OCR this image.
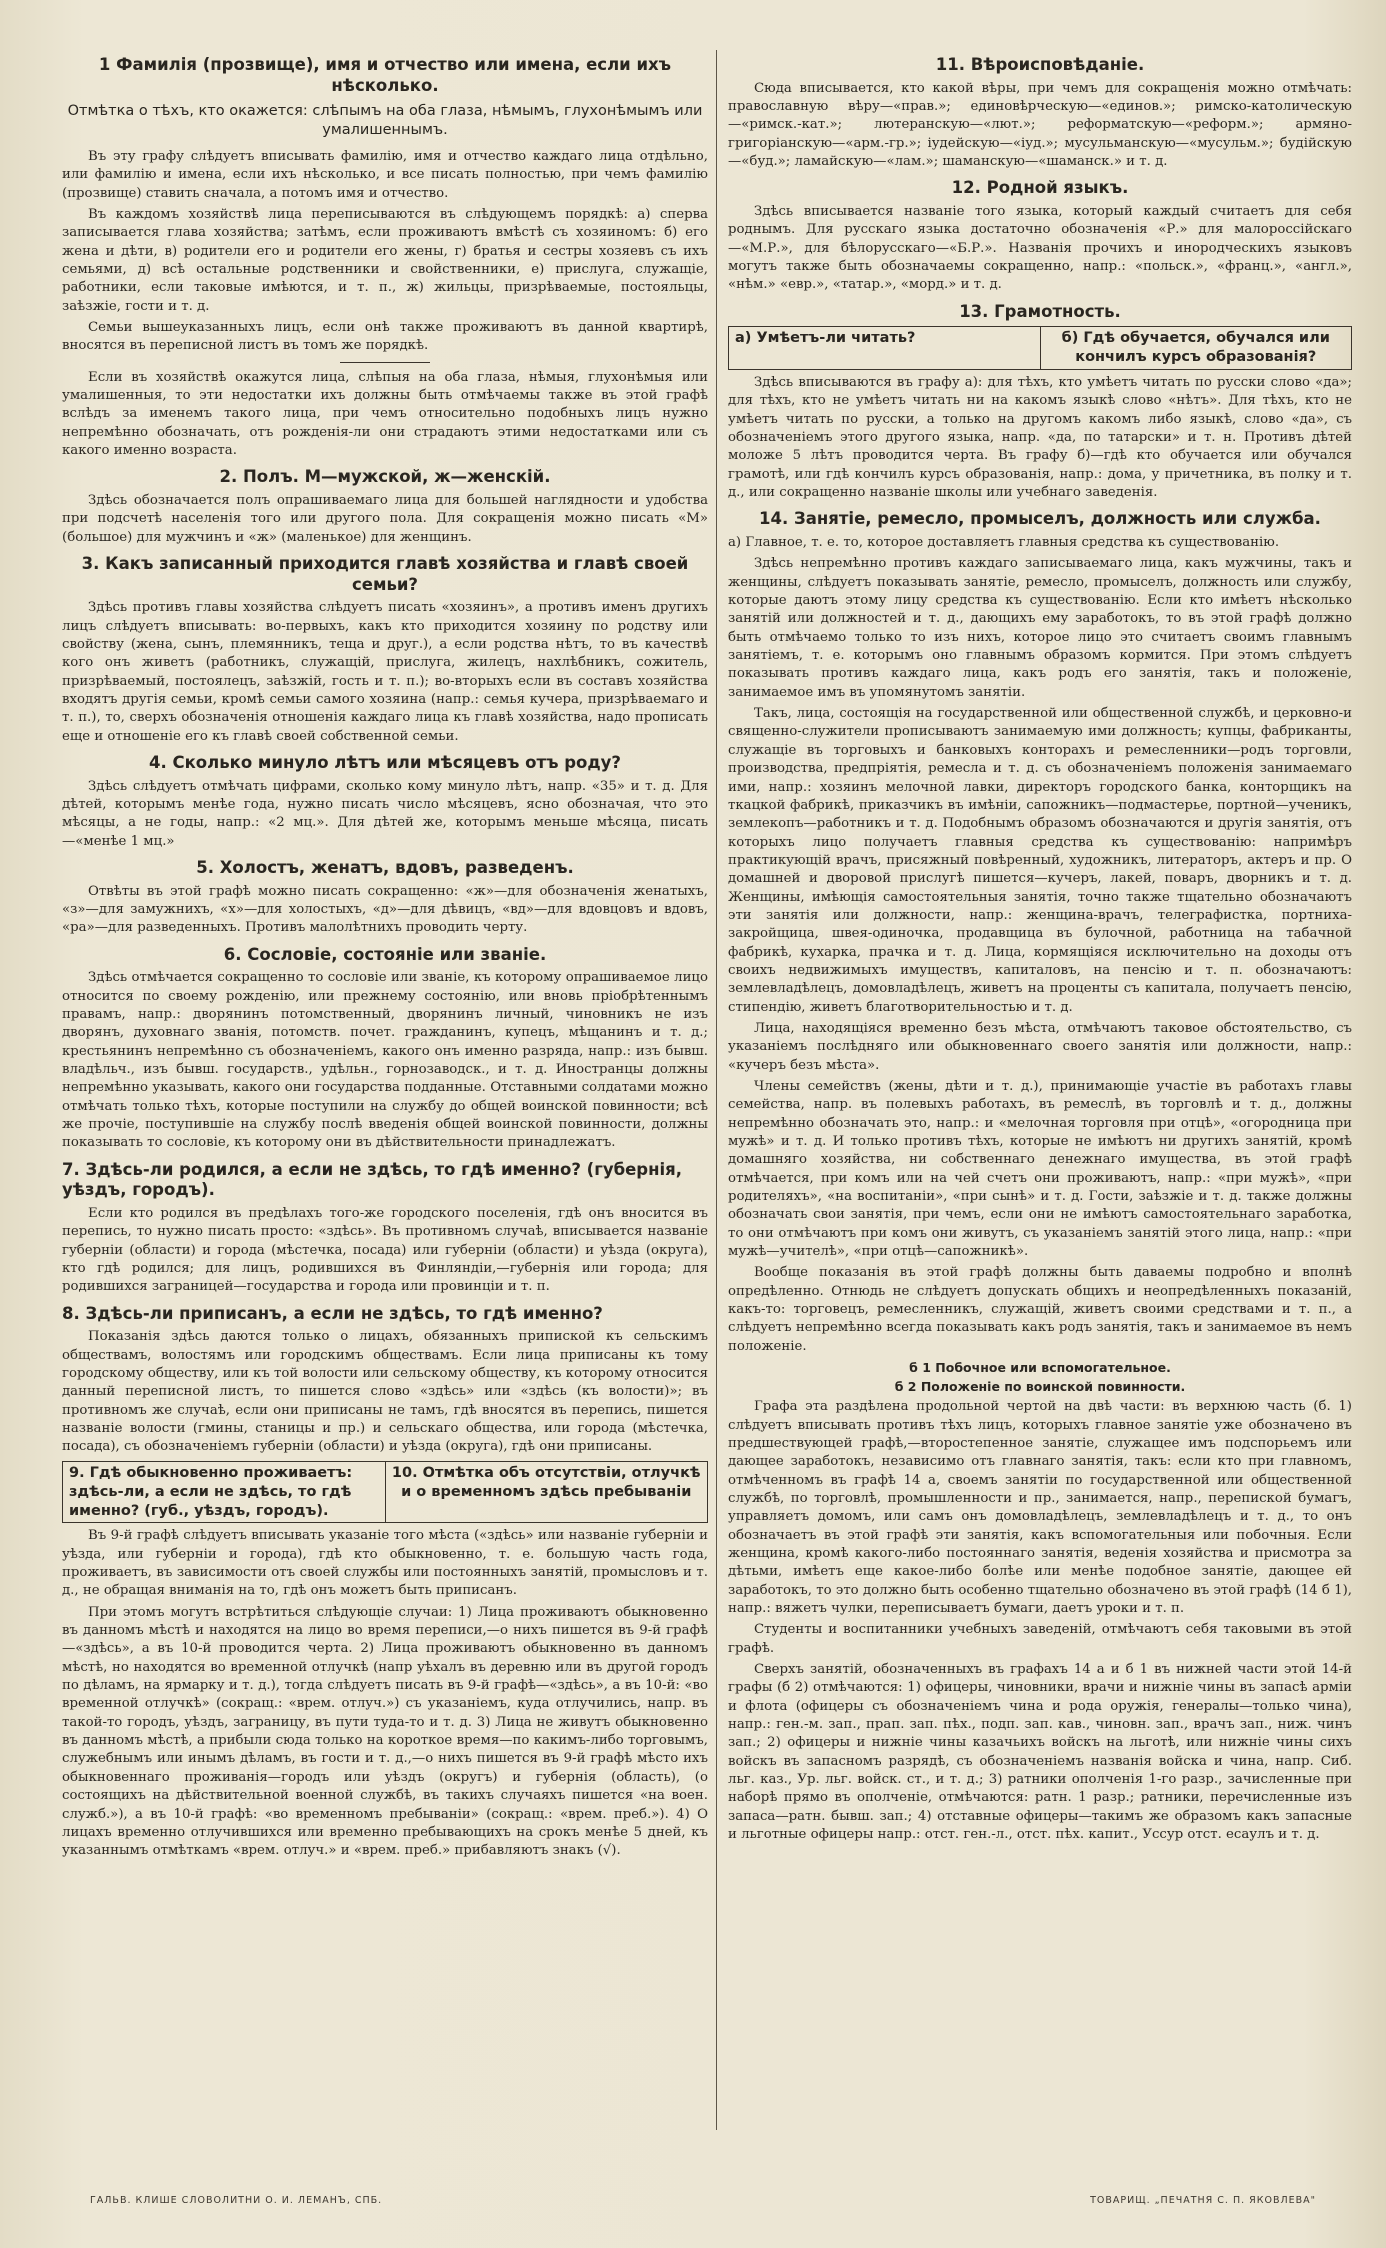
1 Фамилія (прозвище), имя и отчество или имена, если ихъ нѣсколько.
Отмѣтка о тѣхъ, кто окажется: слѣпымъ на оба глаза, нѣмымъ, глухонѣмымъ или умалишеннымъ.

Въ эту графу слѣдуетъ вписывать фамилію, имя и отчество каждаго лица отдѣльно, или фамилію и имена, если ихъ нѣсколько, и все писать полностью, при чемъ фамилію (прозвище) ставить сначала, а потомъ имя и отчество.

Въ каждомъ хозяйствѣ лица переписываются въ слѣдующемъ порядкѣ: а) сперва записывается глава хозяйства; затѣмъ, если проживаютъ вмѣстѣ съ хозяиномъ: б) его жена и дѣти, в) родители его и родители его жены, г) братья и сестры хозяевъ съ ихъ семьями, д) всѣ остальные родственники и свойственники, е) прислуга, служащіе, работники, если таковые имѣются, и т. п., ж) жильцы, призрѣваемые, постояльцы, заѣзжіе, гости и т. д.

Семьи вышеуказанныхъ лицъ, если онѣ также проживаютъ въ данной квартирѣ, вносятся въ переписной листъ въ томъ же порядкѣ.

Если въ хозяйствѣ окажутся лица, слѣпыя на оба глаза, нѣмыя, глухонѣмыя или умалишенныя, то эти недостатки ихъ должны быть отмѣчаемы также въ этой графѣ вслѣдъ за именемъ такого лица, при чемъ относительно подобныхъ лицъ нужно непремѣнно обозначать, отъ рожденія-ли они страдаютъ этими недостатками или съ какого именно возраста.

2. Полъ. М—мужской, ж—женскій.

Здѣсь обозначается полъ опрашиваемаго лица для большей наглядности и удобства при подсчетѣ населенія того или другого пола. Для сокращенія можно писать «М» (большое) для мужчинъ и «ж» (маленькое) для женщинъ.

3. Какъ записанный приходится главѣ хозяйства и главѣ своей семьи?

Здѣсь противъ главы хозяйства слѣдуетъ писать «хозяинъ», а противъ именъ другихъ лицъ слѣдуетъ вписывать: во-первыхъ, какъ кто приходится хозяину по родству или свойству (жена, сынъ, племянникъ, теща и друг.), а если родства нѣтъ, то въ качествѣ кого онъ живетъ (работникъ, служащій, прислуга, жилецъ, нахлѣбникъ, сожитель, призрѣваемый, постоялецъ, заѣзжій, гость и т. п.); во-вторыхъ если въ составъ хозяйства входятъ другія семьи, кромѣ семьи самого хозяина (напр.: семья кучера, призрѣваемаго и т. п.), то, сверхъ обозначенія отношенія каждаго лица къ главѣ хозяйства, надо прописать еще и отношеніе его къ главѣ своей собственной семьи.

4. Сколько минуло лѣтъ или мѣсяцевъ отъ роду?

Здѣсь слѣдуетъ отмѣчать цифрами, сколько кому минуло лѣтъ, напр. «35» и т. д. Для дѣтей, которымъ менѣе года, нужно писать число мѣсяцевъ, ясно обозначая, что это мѣсяцы, а не годы, напр.: «2 мц.». Для дѣтей же, которымъ меньше мѣсяца, писать—«менѣе 1 мц.»

5. Холостъ, женатъ, вдовъ, разведенъ.

Отвѣты въ этой графѣ можно писать сокращенно: «ж»—для обозначенія женатыхъ, «з»—для замужнихъ, «х»—для холостыхъ, «д»—для дѣвицъ, «вд»—для вдовцовъ и вдовъ, «ра»—для разведенныхъ. Противъ малолѣтнихъ проводить черту.

6. Сословіе, состояніе или званіе.

Здѣсь отмѣчается сокращенно то сословіе или званіе, къ которому опрашиваемое лицо относится по своему рожденію, или прежнему состоянію, или вновь пріобрѣтеннымъ правамъ, напр.: дворянинъ потомственный, дворянинъ личный, чиновникъ не изъ дворянъ, духовнаго званія, потомств. почет. гражданинъ, купецъ, мѣщанинъ и т. д.; крестьянинъ непремѣнно съ обозначеніемъ, какого онъ именно разряда, напр.: изъ бывш. владѣльч., изъ бывш. государств., удѣльн., горнозаводск., и т. д. Иностранцы должны непремѣнно указывать, какого они государства подданные. Отставными солдатами можно отмѣчать только тѣхъ, которые поступили на службу до общей воинской повинности; всѣ же прочіе, поступившіе на службу послѣ введенія общей воинской повинности, должны показывать то сословіе, къ которому они въ дѣйствительности принадлежатъ.

7. Здѣсь-ли родился, а если не здѣсь, то гдѣ именно? (губернія, уѣздъ, городъ).

Если кто родился въ предѣлахъ того-же городского поселенія, гдѣ онъ вносится въ перепись, то нужно писать просто: «здѣсь». Въ противномъ случаѣ, вписывается названіе губерніи (области) и города (мѣстечка, посада) или губерніи (области) и уѣзда (округа), кто гдѣ родился; для лицъ, родившихся въ Финляндіи,—губернія или города; для родившихся заграницей—государства и города или провинціи и т. п.

8. Здѣсь-ли приписанъ, а если не здѣсь, то гдѣ именно?

Показанія здѣсь даются только о лицахъ, обязанныхъ припиской къ сельскимъ обществамъ, волостямъ или городскимъ обществамъ. Если лица приписаны къ тому городскому обществу, или къ той волости или сельскому обществу, къ которому относится данный переписной листъ, то пишется слово «здѣсь» или «здѣсь (къ волости)»; въ противномъ же случаѣ, если они приписаны не тамъ, гдѣ вносятся въ перепись, пишется названіе волости (гмины, станицы и пр.) и сельскаго общества, или города (мѣстечка, посада), съ обозначеніемъ губерніи (области) и уѣзда (округа), гдѣ они приписаны.

9. Гдѣ обыкновенно проживаетъ: здѣсь-ли, а если не здѣсь, то гдѣ именно? (губ., уѣздъ, городъ).
10. Отмѣтка объ отсутствіи, отлучкѣ и о временномъ здѣсь пребываніи

Въ 9-й графѣ слѣдуетъ вписывать указаніе того мѣста («здѣсь» или названіе губерніи и уѣзда, или губерніи и города), гдѣ кто обыкновенно, т. е. большую часть года, проживаетъ, въ зависимости отъ своей службы или постоянныхъ занятій, промысловъ и т. д., не обращая вниманія на то, гдѣ онъ можетъ быть приписанъ.

При этомъ могутъ встрѣтиться слѣдующіе случаи: 1) Лица проживаютъ обыкновенно въ данномъ мѣстѣ и находятся на лицо во время переписи,—о нихъ пишется въ 9-й графѣ—«здѣсь», а въ 10-й проводится черта. 2) Лица проживаютъ обыкновенно въ данномъ мѣстѣ, но находятся во временной отлучкѣ (напр уѣхалъ въ деревню или въ другой городъ по дѣламъ, на ярмарку и т. д.), тогда слѣдуетъ писать въ 9-й графѣ—«здѣсь», а въ 10-й: «во временной отлучкѣ» (сокращ.: «врем. отлуч.») съ указаніемъ, куда отлучились, напр. въ такой-то городъ, уѣздъ, заграницу, въ пути туда-то и т. д. 3) Лица не живутъ обыкновенно въ данномъ мѣстѣ, а прибыли сюда только на короткое время—по какимъ-либо торговымъ, служебнымъ или инымъ дѣламъ, въ гости и т. д.,—о нихъ пишется въ 9-й графѣ мѣсто ихъ обыкновеннаго проживанія—городъ или уѣздъ (округъ) и губернія (область), (о состоящихъ на дѣйствительной военной службѣ, въ такихъ случаяхъ пишется «на воен. служб.»), а въ 10-й графѣ: «во временномъ пребываніи» (сокращ.: «врем. преб.»). 4) О лицахъ временно отлучившихся или временно пребывающихъ на срокъ менѣе 5 дней, къ указаннымъ отмѣткамъ «врем. отлуч.» и «врем. преб.» прибавляютъ знакъ (√).

11. Вѣроисповѣданіе.

Сюда вписывается, кто какой вѣры, при чемъ для сокращенія можно отмѣчать: православную вѣру—«прав.»; единовѣрческую—«единов.»; римско-католическую—«римск.-кат.»; лютеранскую—«лют.»; реформатскую—«реформ.»; армяно-григоріанскую—«арм.-гр.»; іудейскую—«іуд.»; мусульманскую—«мусульм.»; будійскую—«буд.»; ламайскую—«лам.»; шаманскую—«шаманск.» и т. д.

12. Родной языкъ.

Здѣсь вписывается названіе того языка, который каждый считаетъ для себя роднымъ. Для русскаго языка достаточно обозначенія «Р.» для малороссійскаго—«М.Р.», для бѣлорусскаго—«Б.Р.». Названія прочихъ и инородческихъ языковъ могутъ также быть обозначаемы сокращенно, напр.: «польск.», «франц.», «англ.», «нѣм.» «евр.», «татар.», «морд.» и т. д.

13. Грамотность.
а) Умѣетъ-ли читать?	б) Гдѣ обучается, обучался или кончилъ курсъ образованія?

Здѣсь вписываются въ графу а): для тѣхъ, кто умѣетъ читать по русски слово «да»; для тѣхъ, кто не умѣетъ читать ни на какомъ языкѣ слово «нѣтъ». Для тѣхъ, кто не умѣетъ читать по русски, а только на другомъ какомъ либо языкѣ, слово «да», съ обозначеніемъ этого другого языка, напр. «да, по татарски» и т. н. Противъ дѣтей моложе 5 лѣтъ проводится черта. Въ графу б)—гдѣ кто обучается или обучался грамотѣ, или гдѣ кончилъ курсъ образованія, напр.: дома, у причетника, въ полку и т. д., или сокращенно названіе школы или учебнаго заведенія.

14. Занятіе, ремесло, промыселъ, должность или служба.

а) Главное, т. е. то, которое доставляетъ главныя средства къ существованію.

Здѣсь непремѣнно противъ каждаго записываемаго лица, какъ мужчины, такъ и женщины, слѣдуетъ показывать занятіе, ремесло, промыселъ, должность или службу, которые даютъ этому лицу средства къ существованію. Если кто имѣетъ нѣсколько занятій или должностей и т. д., дающихъ ему заработокъ, то въ этой графѣ должно быть отмѣчаемо только то изъ нихъ, которое лицо это считаетъ своимъ главнымъ занятіемъ, т. е. которымъ оно главнымъ образомъ кормится. При этомъ слѣдуетъ показывать противъ каждаго лица, какъ родъ его занятія, такъ и положеніе, занимаемое имъ въ упомянутомъ занятіи.

Такъ, лица, состоящія на государственной или общественной службѣ, и церковно-и священно-служители прописываютъ занимаемую ими должность; купцы, фабриканты, служащіе въ торговыхъ и банковыхъ конторахъ и ремесленники—родъ торговли, производства, предпріятія, ремесла и т. д. съ обозначеніемъ положенія занимаемаго ими, напр.: хозяинъ мелочной лавки, директоръ городского банка, конторщикъ на ткацкой фабрикѣ, приказчикъ въ имѣніи, сапожникъ—подмастерье, портной—ученикъ, землекопъ—работникъ и т. д. Подобнымъ образомъ обозначаются и другія занятія, отъ которыхъ лицо получаетъ главныя средства къ существованію: напримѣръ практикующій врачъ, присяжный повѣренный, художникъ, литераторъ, актеръ и пр. О домашней и дворовой прислугѣ пишется—кучеръ, лакей, поваръ, дворникъ и т. д. Женщины, имѣющія самостоятельныя занятія, точно также тщательно обозначаютъ эти занятія или должности, напр.: женщина-врачъ, телеграфистка, портниха-закройщица, швея-одиночка, продавщица въ булочной, работница на табачной фабрикѣ, кухарка, прачка и т. д. Лица, кормящіяся исключительно на доходы отъ своихъ недвижимыхъ имуществъ, капиталовъ, на пенсію и т. п. обозначаютъ: землевладѣлецъ, домовладѣлецъ, живетъ на проценты съ капитала, получаетъ пенсію, стипендію, живетъ благотворительностью и т. д.

Лица, находящіяся временно безъ мѣста, отмѣчаютъ таковое обстоятельство, съ указаніемъ послѣдняго или обыкновеннаго своего занятія или должности, напр.: «кучеръ безъ мѣста».

Члены семействъ (жены, дѣти и т. д.), принимающіе участіе въ работахъ главы семейства, напр. въ полевыхъ работахъ, въ ремеслѣ, въ торговлѣ и т. д., должны непремѣнно обозначать это, напр.: и «мелочная торговля при отцѣ», «огородница при мужѣ» и т. д. И только противъ тѣхъ, которые не имѣютъ ни другихъ занятій, кромѣ домашняго хозяйства, ни собственнаго денежнаго имущества, въ этой графѣ отмѣчается, при комъ или на чей счетъ они проживаютъ, напр.: «при мужѣ», «при родителяхъ», «на воспитаніи», «при сынѣ» и т. д. Гости, заѣзжіе и т. д. также должны обозначать свои занятія, при чемъ, если они не имѣютъ самостоятельнаго заработка, то они отмѣчаютъ при комъ они живутъ, съ указаніемъ занятій этого лица, напр.: «при мужѣ—учителѣ», «при отцѣ—сапожникѣ».

Вообще показанія въ этой графѣ должны быть даваемы подробно и вполнѣ опредѣленно. Отнюдь не слѣдуетъ допускать общихъ и неопредѣленныхъ показаній, какъ-то: торговецъ, ремесленникъ, служащій, живетъ своими средствами и т. п., а слѣдуетъ непремѣнно всегда показывать какъ родъ занятія, такъ и занимаемое въ немъ положеніе.

б 1 Побочное или вспомогательное.
б 2 Положеніе по воинской повинности.

Графа эта раздѣлена продольной чертой на двѣ части: въ верхнюю часть (б. 1) слѣдуетъ вписывать противъ тѣхъ лицъ, которыхъ главное занятіе уже обозначено въ предшествующей графѣ,—второстепенное занятіе, служащее имъ подспорьемъ или дающее заработокъ, независимо отъ главнаго занятія, такъ: если кто при главномъ, отмѣченномъ въ графѣ 14 а, своемъ занятіи по государственной или общественной службѣ, по торговлѣ, промышленности и пр., занимается, напр., перепиской бумагъ, управляетъ домомъ, или самъ онъ домовладѣлецъ, землевладѣлецъ и т. д., то онъ обозначаетъ въ этой графѣ эти занятія, какъ вспомогательныя или побочныя. Если женщина, кромѣ какого-либо постояннаго занятія, веденія хозяйства и присмотра за дѣтьми, имѣетъ еще какое-либо болѣе или менѣе подобное занятіе, дающее ей заработокъ, то это должно быть особенно тщательно обозначено въ этой графѣ (14 б 1), напр.: вяжетъ чулки, переписываетъ бумаги, даетъ уроки и т. п.

Студенты и воспитанники учебныхъ заведеній, отмѣчаютъ себя таковыми въ этой графѣ.

Сверхъ занятій, обозначенныхъ въ графахъ 14 а и б 1 въ нижней части этой 14-й графы (б 2) отмѣчаются: 1) офицеры, чиновники, врачи и нижніе чины въ запасѣ арміи и флота (офицеры съ обозначеніемъ чина и рода оружія, генералы—только чина), напр.: ген.-м. зап., прап. зап. пѣх., подп. зап. кав., чиновн. зап., врачъ зап., ниж. чинъ зап.; 2) офицеры и нижніе чины казачьихъ войскъ на льготѣ, или нижніе чины сихъ войскъ въ запасномъ разрядѣ, съ обозначеніемъ названія войска и чина, напр. Сиб. льг. каз., Ур. льг. войск. ст., и т. д.; 3) ратники ополченія 1-го разр., зачисленные при наборѣ прямо въ ополченіе, отмѣчаются: ратн. 1 разр.; ратники, перечисленные изъ запаса—ратн. бывш. зап.; 4) отставные офицеры—такимъ же образомъ какъ запасные и льготные офицеры напр.: отст. ген.-л., отст. пѣх. капит., Уссур отст. есаулъ и т. д.

ГАЛЬВ. КЛИШЕ СЛОВОЛИТНИ О. И. ЛЕМАНЪ, СПБ.	ТОВАРИЩ. „ПЕЧАТНЯ С. П. ЯКОВЛЕВА"
